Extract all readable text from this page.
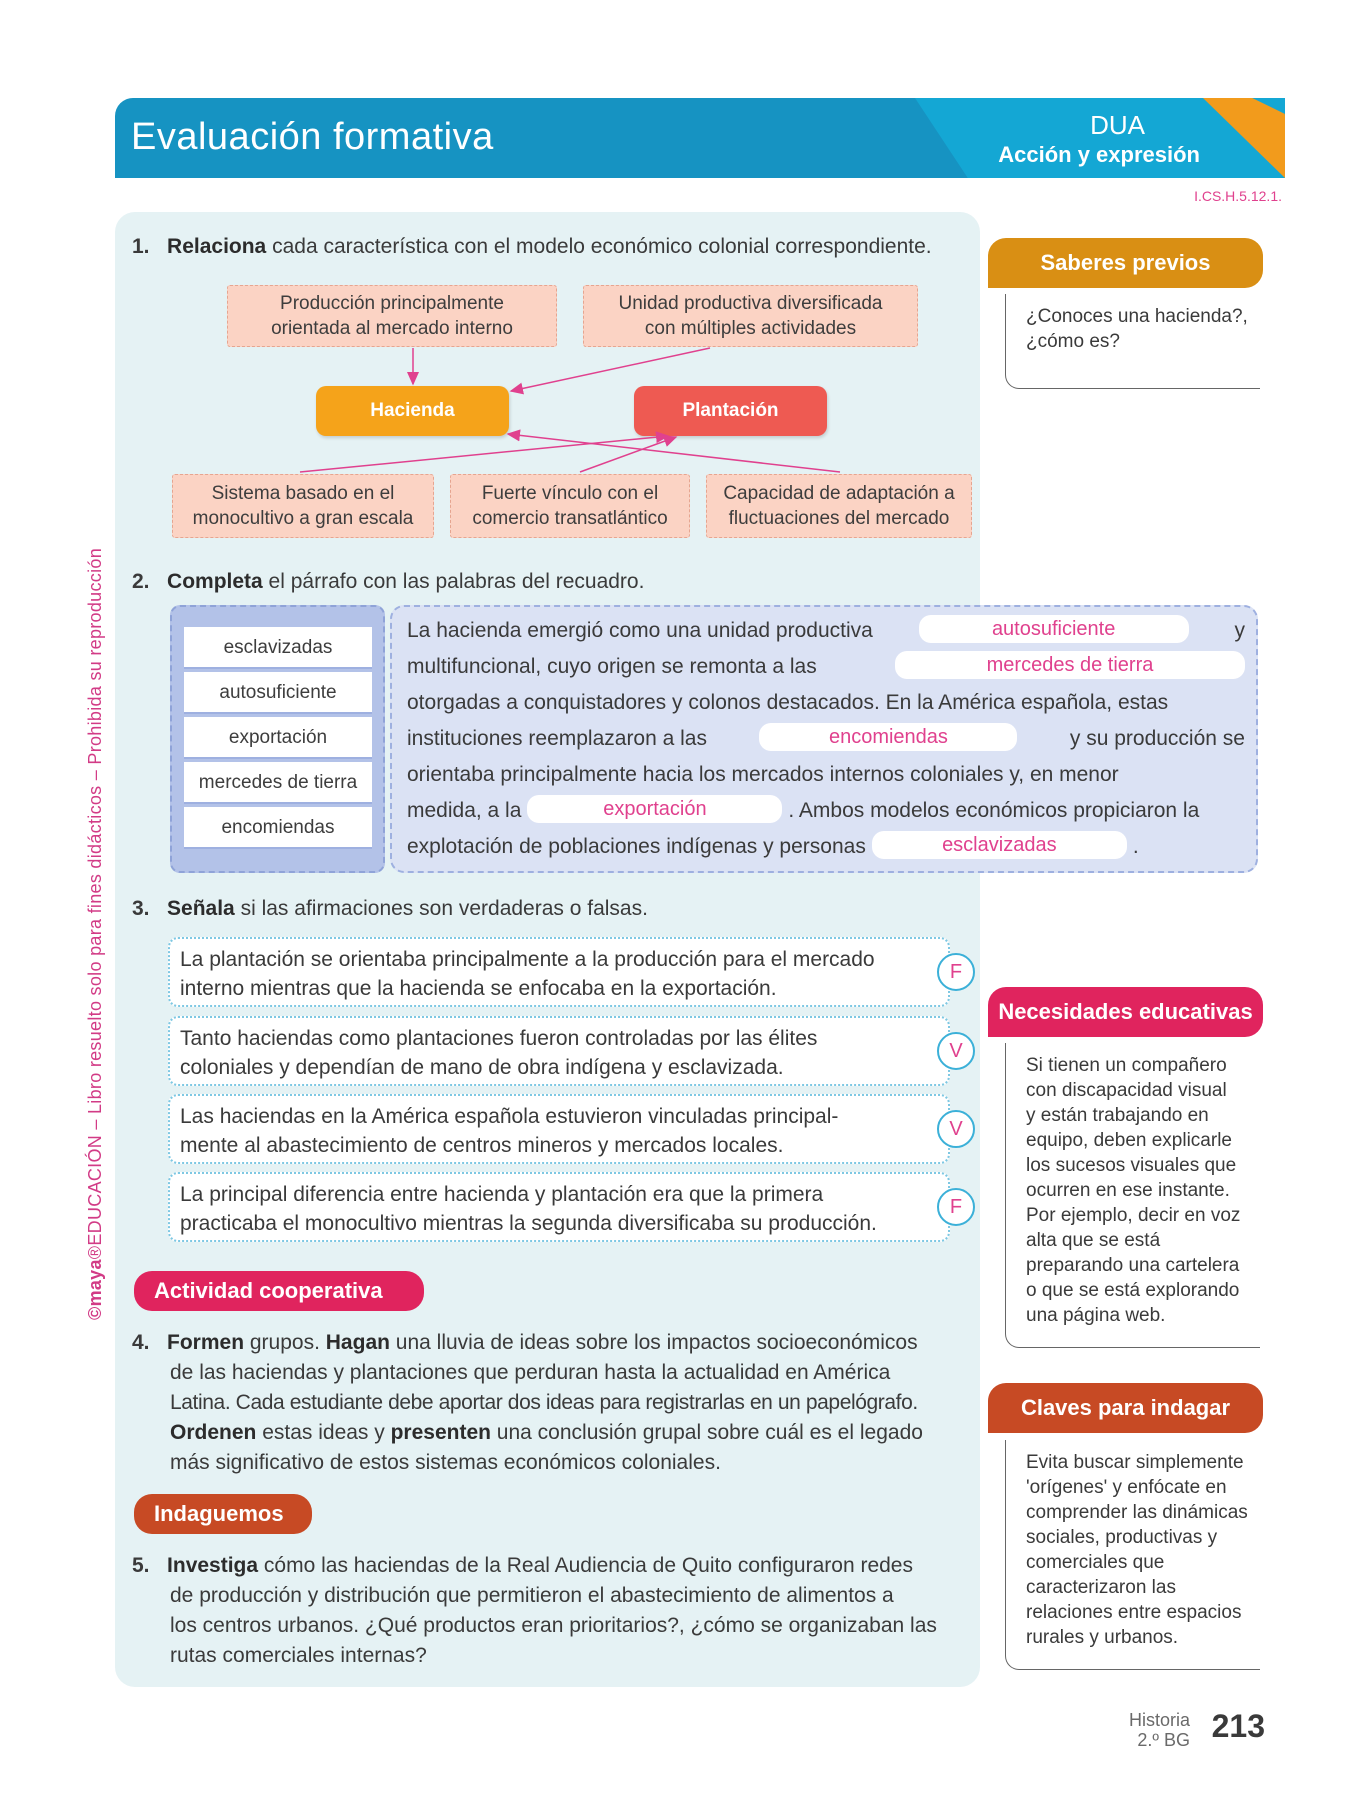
Evaluación formativa	DUA
Acción y expresión
I.CS.H.5.12.1.
©maya®EDUCACIÓN – Libro resuelto solo para fines didácticos – Prohibida su reproducción
1. Relaciona cada característica con el modelo económico colonial correspondiente.
Producción principalmente
orientada al mercado interno
Unidad productiva diversificada
con múltiples actividades
Hacienda	Plantación
Sistema basado en el
monocultivo a gran escala
Fuerte vínculo con el
comercio transatlántico
Capacidad de adaptación a
fluctuaciones del mercado
2. Completa el párrafo con las palabras del recuadro.
esclavizadas
autosuficiente
exportación
mercedes de tierra
encomiendas
La hacienda emergió como una unidad productiva	autosuficiente	y
multifuncional, cuyo origen se remonta a las	mercedes de tierra
otorgadas a conquistadores y colonos destacados. En la América española, estas
instituciones reemplazaron a las	encomiendas	y su producción se
orientaba principalmente hacia los mercados internos coloniales y, en menor
medida, a la	exportación	. Ambos modelos económicos propiciaron la
explotación de poblaciones indígenas y personas	esclavizadas	.
3. Señala si las afirmaciones son verdaderas o falsas.
La plantación se orientaba principalmente a la producción para el mercado
interno mientras que la hacienda se enfocaba en la exportación.
F
Tanto haciendas como plantaciones fueron controladas por las élites
coloniales y dependían de mano de obra indígena y esclavizada.
V
Las haciendas en la América española estuvieron vinculadas principal-
mente al abastecimiento de centros mineros y mercados locales.
V
La principal diferencia entre hacienda y plantación era que la primera
practicaba el monocultivo mientras la segunda diversificaba su producción.
F
Actividad cooperativa
4. Formen grupos. Hagan una lluvia de ideas sobre los impactos socioeconómicos
de las haciendas y plantaciones que perduran hasta la actualidad en América
Latina. Cada estudiante debe aportar dos ideas para registrarlas en un papelógrafo.
Ordenen estas ideas y presenten una conclusión grupal sobre cuál es el legado
más significativo de estos sistemas económicos coloniales.
Indaguemos
5. Investiga cómo las haciendas de la Real Audiencia de Quito configuraron redes
de producción y distribución que permitieron el abastecimiento de alimentos a
los centros urbanos. ¿Qué productos eran prioritarios?, ¿cómo se organizaban las
rutas comerciales internas?
Saberes previos
¿Conoces una hacienda?,
¿cómo es?
Necesidades educativas
Si tienen un compañero
con discapacidad visual
y están trabajando en
equipo, deben explicarle
los sucesos visuales que
ocurren en ese instante.
Por ejemplo, decir en voz
alta que se está
preparando una cartelera
o que se está explorando
una página web.
Claves para indagar
Evita buscar simplemente
'orígenes' y enfócate en
comprender las dinámicas
sociales, productivas y
comerciales que
caracterizaron las
relaciones entre espacios
rurales y urbanos.
Historia
2.º BG 213
